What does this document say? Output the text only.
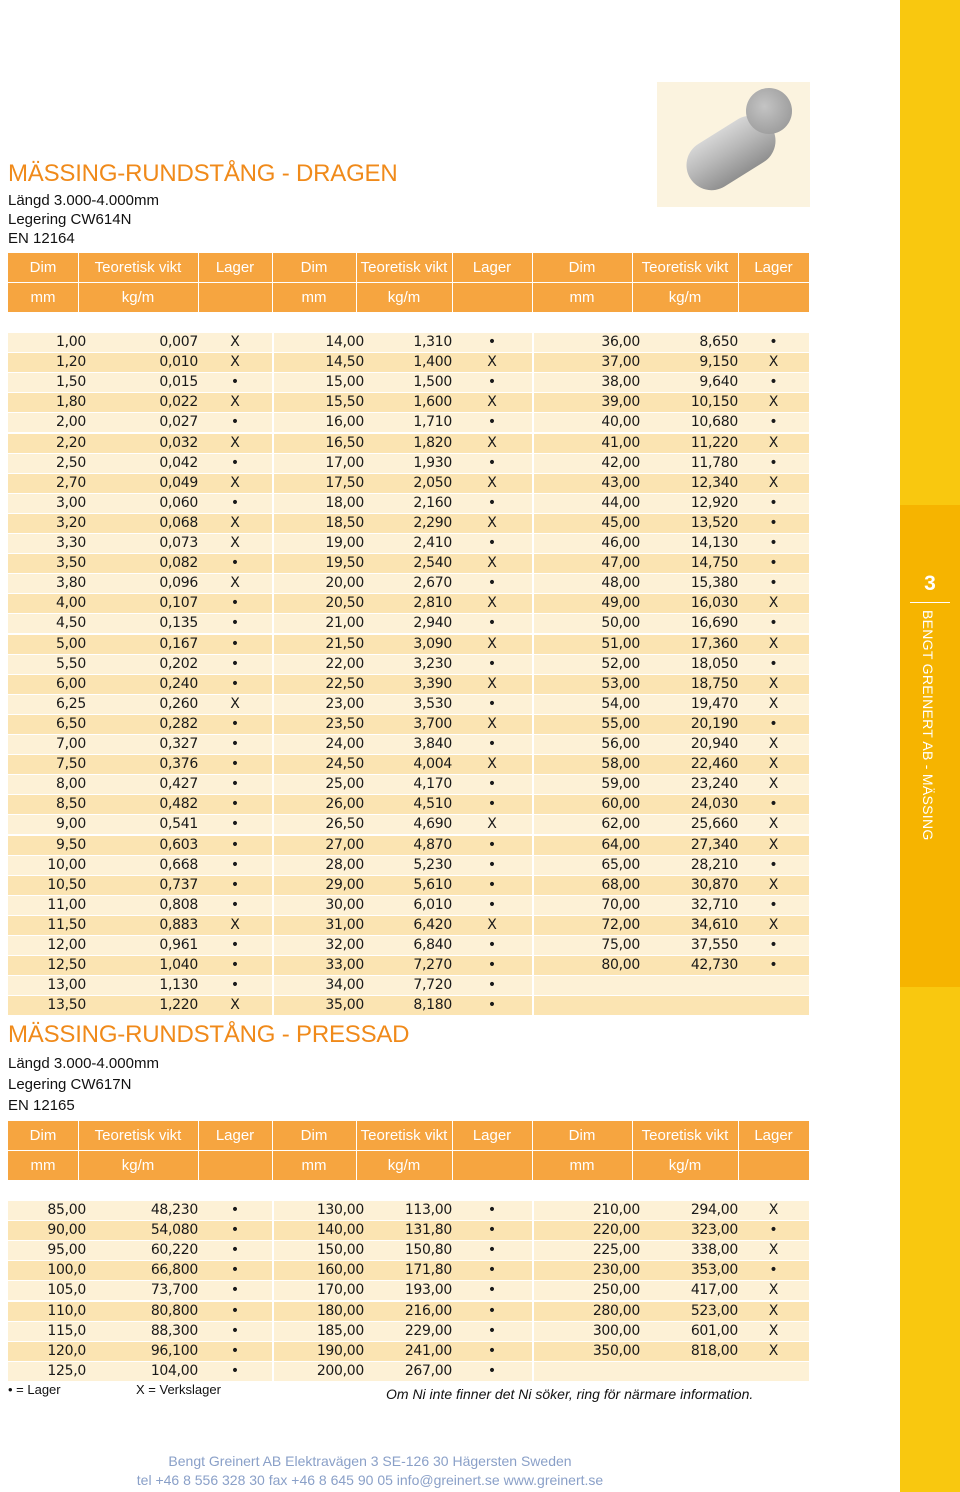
3
BENGT GREINERT AB - MÄSSING
MÄSSING-RUNDSTÅNG - DRAGEN
Längd 3.000-4.000mm
Legering CW614N
EN 12164
Dim	Teoretisk vikt	Lager	Dim	Teoretisk vikt	Lager	Dim	Teoretisk vikt	Lager
mm	kg/m	mm	kg/m	mm	kg/m
1,00	0,007	X	14,00	1,310	•	36,00	8,650	•
1,20	0,010	X	14,50	1,400	X	37,00	9,150	X
1,50	0,015	•	15,00	1,500	•	38,00	9,640	•
1,80	0,022	X	15,50	1,600	X	39,00	10,150	X
2,00	0,027	•	16,00	1,710	•	40,00	10,680	•
2,20	0,032	X	16,50	1,820	X	41,00	11,220	X
2,50	0,042	•	17,00	1,930	•	42,00	11,780	•
2,70	0,049	X	17,50	2,050	X	43,00	12,340	X
3,00	0,060	•	18,00	2,160	•	44,00	12,920	•
3,20	0,068	X	18,50	2,290	X	45,00	13,520	•
3,30	0,073	X	19,00	2,410	•	46,00	14,130	•
3,50	0,082	•	19,50	2,540	X	47,00	14,750	•
3,80	0,096	X	20,00	2,670	•	48,00	15,380	•
4,00	0,107	•	20,50	2,810	X	49,00	16,030	X
4,50	0,135	•	21,00	2,940	•	50,00	16,690	•
5,00	0,167	•	21,50	3,090	X	51,00	17,360	X
5,50	0,202	•	22,00	3,230	•	52,00	18,050	•
6,00	0,240	•	22,50	3,390	X	53,00	18,750	X
6,25	0,260	X	23,00	3,530	•	54,00	19,470	X
6,50	0,282	•	23,50	3,700	X	55,00	20,190	•
7,00	0,327	•	24,00	3,840	•	56,00	20,940	X
7,50	0,376	•	24,50	4,004	X	58,00	22,460	X
8,00	0,427	•	25,00	4,170	•	59,00	23,240	X
8,50	0,482	•	26,00	4,510	•	60,00	24,030	•
9,00	0,541	•	26,50	4,690	X	62,00	25,660	X
9,50	0,603	•	27,00	4,870	•	64,00	27,340	X
10,00	0,668	•	28,00	5,230	•	65,00	28,210	•
10,50	0,737	•	29,00	5,610	•	68,00	30,870	X
11,00	0,808	•	30,00	6,010	•	70,00	32,710	•
11,50	0,883	X	31,00	6,420	X	72,00	34,610	X
12,00	0,961	•	32,00	6,840	•	75,00	37,550	•
12,50	1,040	•	33,00	7,270	•	80,00	42,730	•
13,00	1,130	•	34,00	7,720	•
13,50	1,220	X	35,00	8,180	•
MÄSSING-RUNDSTÅNG - PRESSAD
Längd 3.000-4.000mm
Legering CW617N
EN 12165
Dim	Teoretisk vikt	Lager	Dim	Teoretisk vikt	Lager	Dim	Teoretisk vikt	Lager
mm	kg/m	mm	kg/m	mm	kg/m
85,00	48,230	•	130,00	113,00	•	210,00	294,00	X
90,00	54,080	•	140,00	131,80	•	220,00	323,00	•
95,00	60,220	•	150,00	150,80	•	225,00	338,00	X
100,0	66,800	•	160,00	171,80	•	230,00	353,00	•
105,0	73,700	•	170,00	193,00	•	250,00	417,00	X
110,0	80,800	•	180,00	216,00	•	280,00	523,00	X
115,0	88,300	•	185,00	229,00	•	300,00	601,00	X
120,0	96,100	•	190,00	241,00	•	350,00	818,00	X
125,0	104,00	•	200,00	267,00	•
• = Lager	X = Verkslager	Om Ni inte finner det Ni söker, ring för närmare information.
Bengt Greinert AB Elektravägen 3 SE-126 30 Hägersten Sweden
tel +46 8 556 328 30 fax +46 8 645 90 05 info@greinert.se www.greinert.se
